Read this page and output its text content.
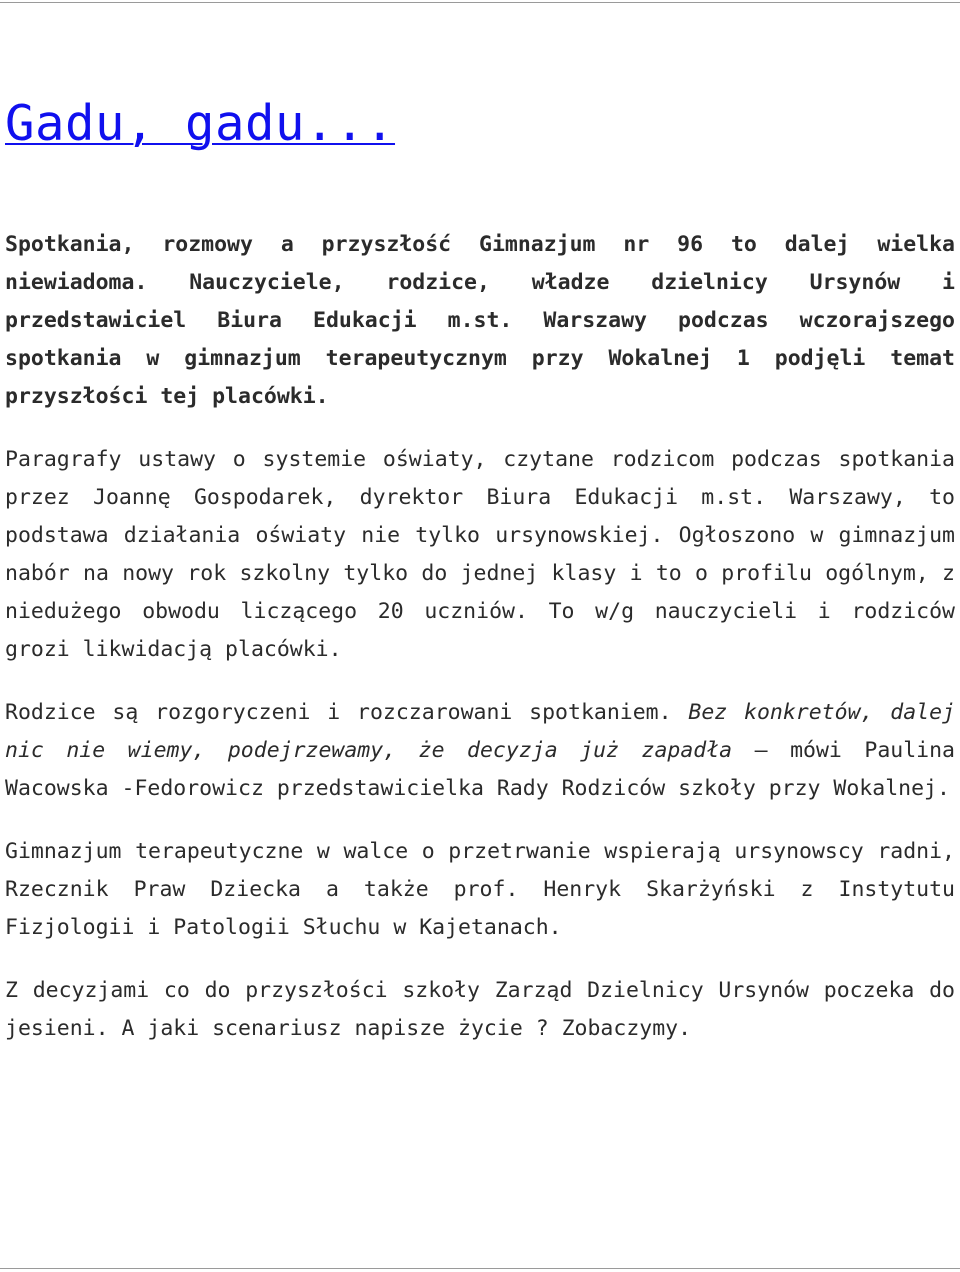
Gadu, gadu...

Spotkania, rozmowy a przyszłość Gimnazjum nr 96 to dalej wielka niewiadoma. Nauczyciele, rodzice, władze dzielnicy Ursynów i przedstawiciel Biura Edukacji m.st. Warszawy podczas wczorajszego spotkania w gimnazjum terapeutycznym przy Wokalnej 1 podjęli temat przyszłości tej placówki.

Paragrafy ustawy o systemie oświaty, czytane rodzicom podczas spotkania przez Joannę Gospodarek, dyrektor Biura Edukacji m.st. Warszawy, to podstawa działania oświaty nie tylko ursynowskiej. Ogłoszono w gimnazjum nabór na nowy rok szkolny tylko do jednej klasy i to o profilu ogólnym, z niedużego obwodu liczącego 20 uczniów. To w/g nauczycieli i rodziców grozi likwidacją placówki.

Rodzice są rozgoryczeni i rozczarowani spotkaniem. Bez konkretów, dalej nic nie wiemy, podejrzewamy, że decyzja już zapadła – mówi Paulina Wacowska -Fedorowicz przedstawicielka Rady Rodziców szkoły przy Wokalnej.

Gimnazjum terapeutyczne w walce o przetrwanie wspierają ursynowscy radni, Rzecznik Praw Dziecka a także prof. Henryk Skarżyński z Instytutu Fizjologii i Patologii Słuchu w Kajetanach.

Z decyzjami co do przyszłości szkoły Zarząd Dzielnicy Ursynów poczeka do jesieni. A jaki scenariusz napisze życie ? Zobaczymy.
